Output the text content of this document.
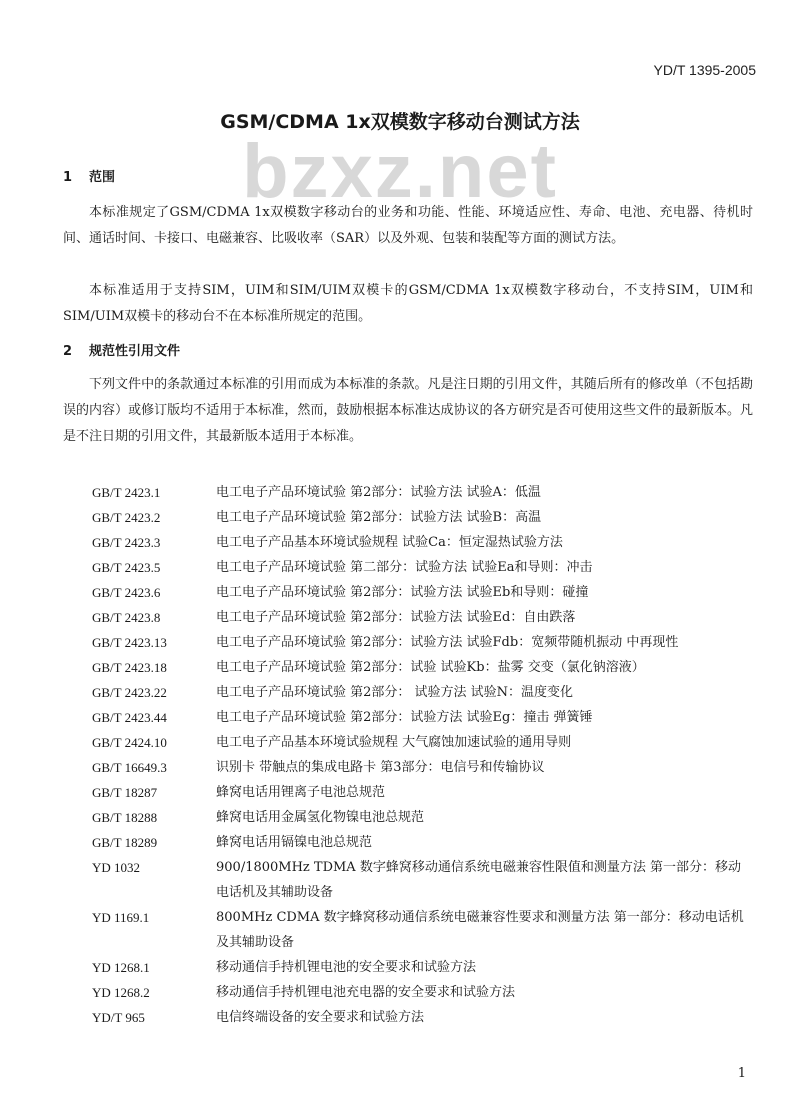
YD/T 1395-2005
bzxz.net
GSM/CDMA 1x双模数字移动台测试方法
1 范围

本标准规定了GSM/CDMA 1x双模数字移动台的业务和功能、性能、环境适应性、寿命、电池、充电器、待机时间、通话时间、卡接口、电磁兼容、比吸收率（SAR）以及外观、包装和装配等方面的测试方法。

本标准适用于支持SIM，UIM和SIM/UIM双模卡的GSM/CDMA 1x双模数字移动台，不支持SIM，UIM和SIM/UIM双模卡的移动台不在本标准所规定的范围。

2 规范性引用文件

下列文件中的条款通过本标准的引用而成为本标准的条款。凡是注日期的引用文件，其随后所有的修改单（不包括勘误的内容）或修订版均不适用于本标准，然而，鼓励根据本标准达成协议的各方研究是否可使用这些文件的最新版本。凡是不注日期的引用文件，其最新版本适用于本标准。

GB/T 2423.1	电工电子产品环境试验 第2部分：试验方法 试验A：低温
GB/T 2423.2	电工电子产品环境试验 第2部分：试验方法 试验B：高温
GB/T 2423.3	电工电子产品基本环境试验规程 试验Ca：恒定湿热试验方法
GB/T 2423.5	电工电子产品环境试验 第二部分：试验方法 试验Ea和导则：冲击
GB/T 2423.6	电工电子产品环境试验 第2部分：试验方法 试验Eb和导则：碰撞
GB/T 2423.8	电工电子产品环境试验 第2部分：试验方法 试验Ed：自由跌落
GB/T 2423.13	电工电子产品环境试验 第2部分：试验方法 试验Fdb：宽频带随机振动 中再现性
GB/T 2423.18	电工电子产品环境试验 第2部分：试验 试验Kb：盐雾 交变（氯化钠溶液）
GB/T 2423.22	电工电子产品环境试验 第2部分： 试验方法 试验N：温度变化
GB/T 2423.44	电工电子产品环境试验 第2部分：试验方法 试验Eg：撞击 弹簧锤
GB/T 2424.10	电工电子产品基本环境试验规程 大气腐蚀加速试验的通用导则
GB/T 16649.3	识别卡 带触点的集成电路卡 第3部分：电信号和传输协议
GB/T 18287	蜂窝电话用锂离子电池总规范
GB/T 18288	蜂窝电话用金属氢化物镍电池总规范
GB/T 18289	蜂窝电话用镉镍电池总规范
YD 1032	900/1800MHz TDMA 数字蜂窝移动通信系统电磁兼容性限值和测量方法 第一部分：移动电话机及其辅助设备
YD 1169.1	800MHz CDMA 数字蜂窝移动通信系统电磁兼容性要求和测量方法 第一部分：移动电话机及其辅助设备
YD 1268.1	移动通信手持机锂电池的安全要求和试验方法
YD 1268.2	移动通信手持机锂电池充电器的安全要求和试验方法
YD/T 965	电信终端设备的安全要求和试验方法
1
